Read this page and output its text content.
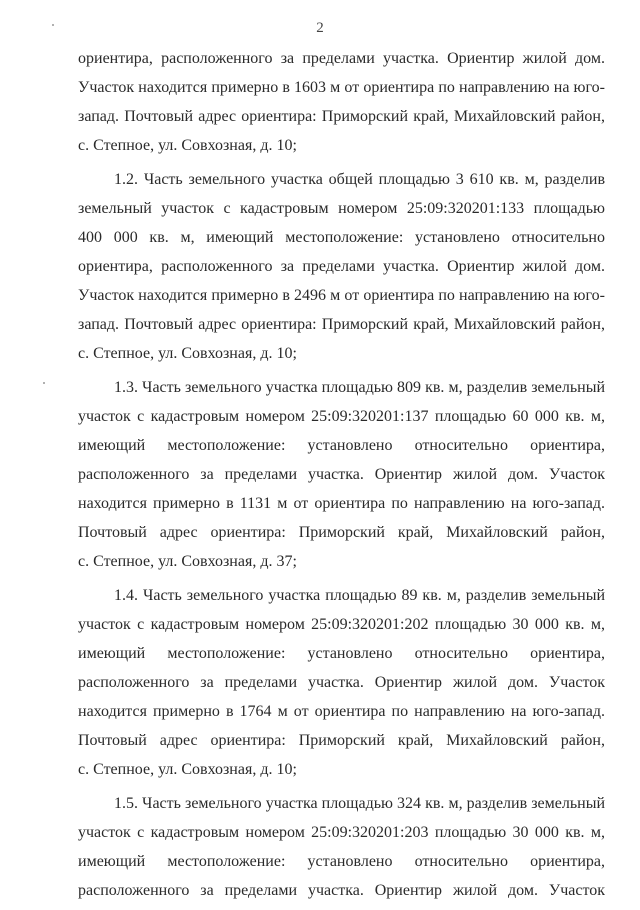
2
ориентира, расположенного за пределами участка. Ориентир жилой дом.
Участок находится примерно в 1603 м от ориентира по направлению на юго-
запад. Почтовый адрес ориентира: Приморский край, Михайловский район,
с. Степное, ул. Совхозная, д. 10;
1.2. Часть земельного участка общей площадью 3 610 кв. м, разделив
земельный участок с кадастровым номером 25:09:320201:133 площадью
400 000 кв. м, имеющий местоположение: установлено относительно
ориентира, расположенного за пределами участка. Ориентир жилой дом.
Участок находится примерно в 2496 м от ориентира по направлению на юго-
запад. Почтовый адрес ориентира: Приморский край, Михайловский район,
с. Степное, ул. Совхозная, д. 10;
1.3. Часть земельного участка площадью 809 кв. м, разделив земельный
участок с кадастровым номером 25:09:320201:137 площадью 60 000 кв. м,
имеющий местоположение: установлено относительно ориентира,
расположенного за пределами участка. Ориентир жилой дом. Участок
находится примерно в 1131 м от ориентира по направлению на юго-запад.
Почтовый адрес ориентира: Приморский край, Михайловский район,
с. Степное, ул. Совхозная, д. 37;
1.4. Часть земельного участка площадью 89 кв. м, разделив земельный
участок с кадастровым номером 25:09:320201:202 площадью 30 000 кв. м,
имеющий местоположение: установлено относительно ориентира,
расположенного за пределами участка. Ориентир жилой дом. Участок
находится примерно в 1764 м от ориентира по направлению на юго-запад.
Почтовый адрес ориентира: Приморский край, Михайловский район,
с. Степное, ул. Совхозная, д. 10;
1.5. Часть земельного участка площадью 324 кв. м, разделив земельный
участок с кадастровым номером 25:09:320201:203 площадью 30 000 кв. м,
имеющий местоположение: установлено относительно ориентира,
расположенного за пределами участка. Ориентир жилой дом. Участок
